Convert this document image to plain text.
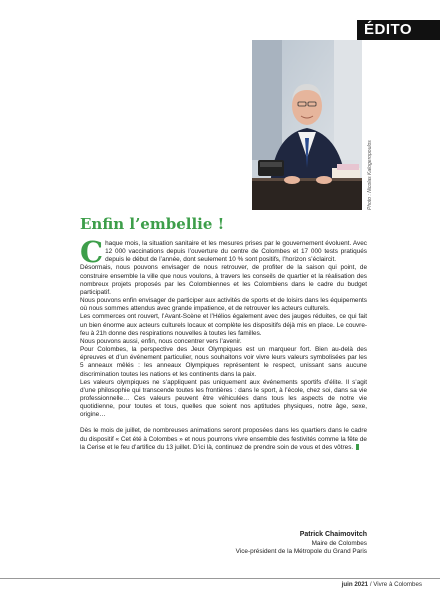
ÉDITO
Photo : Nicolas Kalogeropoulos
Enfin l’embellie !

Chaque mois, la situation sanitaire et les mesures prises par le gouvernement évoluent. Avec 12 000 vaccinations depuis l’ouverture du centre de Colombes et 17 000 tests pratiqués depuis le début de l’année, dont seulement 10 % sont positifs, l’horizon s’éclaircit.

Désormais, nous pouvons envisager de nous retrouver, de profiter de la saison qui point, de construire ensemble la ville que nous voulons, à travers les conseils de quartier et la réalisation des nombreux projets proposés par les Colombiennes et les Colombiens dans le cadre du budget participatif.

Nous pouvons enfin envisager de participer aux activités de sports et de loisirs dans les équipements où nous sommes attendus avec grande impatience, et de retrouver les acteurs culturels.

Les commerces ont rouvert, l’Avant-Scène et l’Hélios également avec des jauges réduites, ce qui fait un bien énorme aux acteurs culturels locaux et complète les dispositifs déjà mis en place. Le couvre-feu à 21h donne des respirations nouvelles à toutes les familles.

Nous pouvons aussi, enfin, nous concentrer vers l’avenir.

Pour Colombes, la perspective des Jeux Olympiques est un marqueur fort. Bien au-delà des épreuves et d’un événement particulier, nous souhaitons voir vivre leurs valeurs symbolisées par les 5 anneaux mêlés : les anneaux Olympiques représentent le respect, unissant sans aucune discrimination toutes les nations et les continents dans la paix.

Les valeurs olympiques ne s’appliquent pas uniquement aux événements sportifs d’élite. Il s’agit d’une philosophie qui transcende toutes les frontières : dans le sport, à l’école, chez soi, dans sa vie professionnelle… Ces valeurs peuvent être véhiculées dans tous les aspects de notre vie quotidienne, pour toutes et tous, quelles que soient nos aptitudes physiques, notre âge, sexe, origine…

Dès le mois de juillet, de nombreuses animations seront proposées dans les quartiers dans le cadre du dispositif « Cet été à Colombes » et nous pourrons vivre ensemble des festivités comme la fête de la Cerise et le feu d’artifice du 13 juillet. D’ici là, continuez de prendre soin de vous et des vôtres.

Patrick Chaimovitch
Maire de Colombes
Vice-président de la Métropole du Grand Paris
juin 2021 / Vivre à Colombes
